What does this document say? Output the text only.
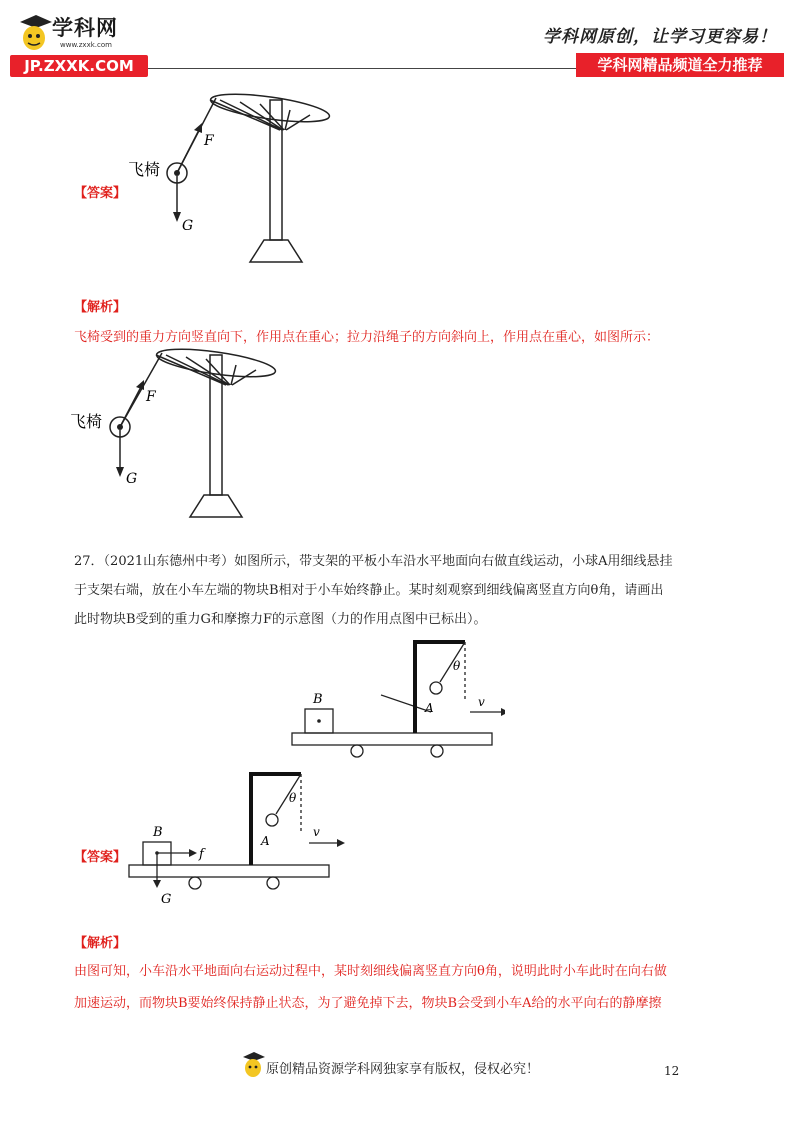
学科网
www.zxxk.com
JP.ZXXK.COM
学科网原创，让学习更容易！
学科网精品频道全力推荐
【答案】
飞椅
F
G
【解析】
飞椅受到的重力方向竖直向下，作用点在重心；拉力沿绳子的方向斜向上，作用点在重心，如图所示：
飞椅
F
G
27．（2021山东德州中考）如图所示，带支架的平板小车沿水平地面向右做直线运动，小球A用细线悬挂
于支架右端，放在小车左端的物块B相对于小车始终静止。某时刻观察到细线偏离竖直方向θ角，请画出
此时物块B受到的重力G和摩擦力F的示意图（力的作用点图中已标出）。
B
A
θ
v
【答案】
B
A
θ
v
f
G
【解析】
由图可知，小车沿水平地面向右运动过程中，某时刻细线偏离竖直方向θ角，说明此时小车此时在向右做
加速运动，而物块B要始终保持静止状态，为了避免掉下去，物块B会受到小车A给的水平向右的静摩擦
原创精品资源学科网独家享有版权，侵权必究！	12
